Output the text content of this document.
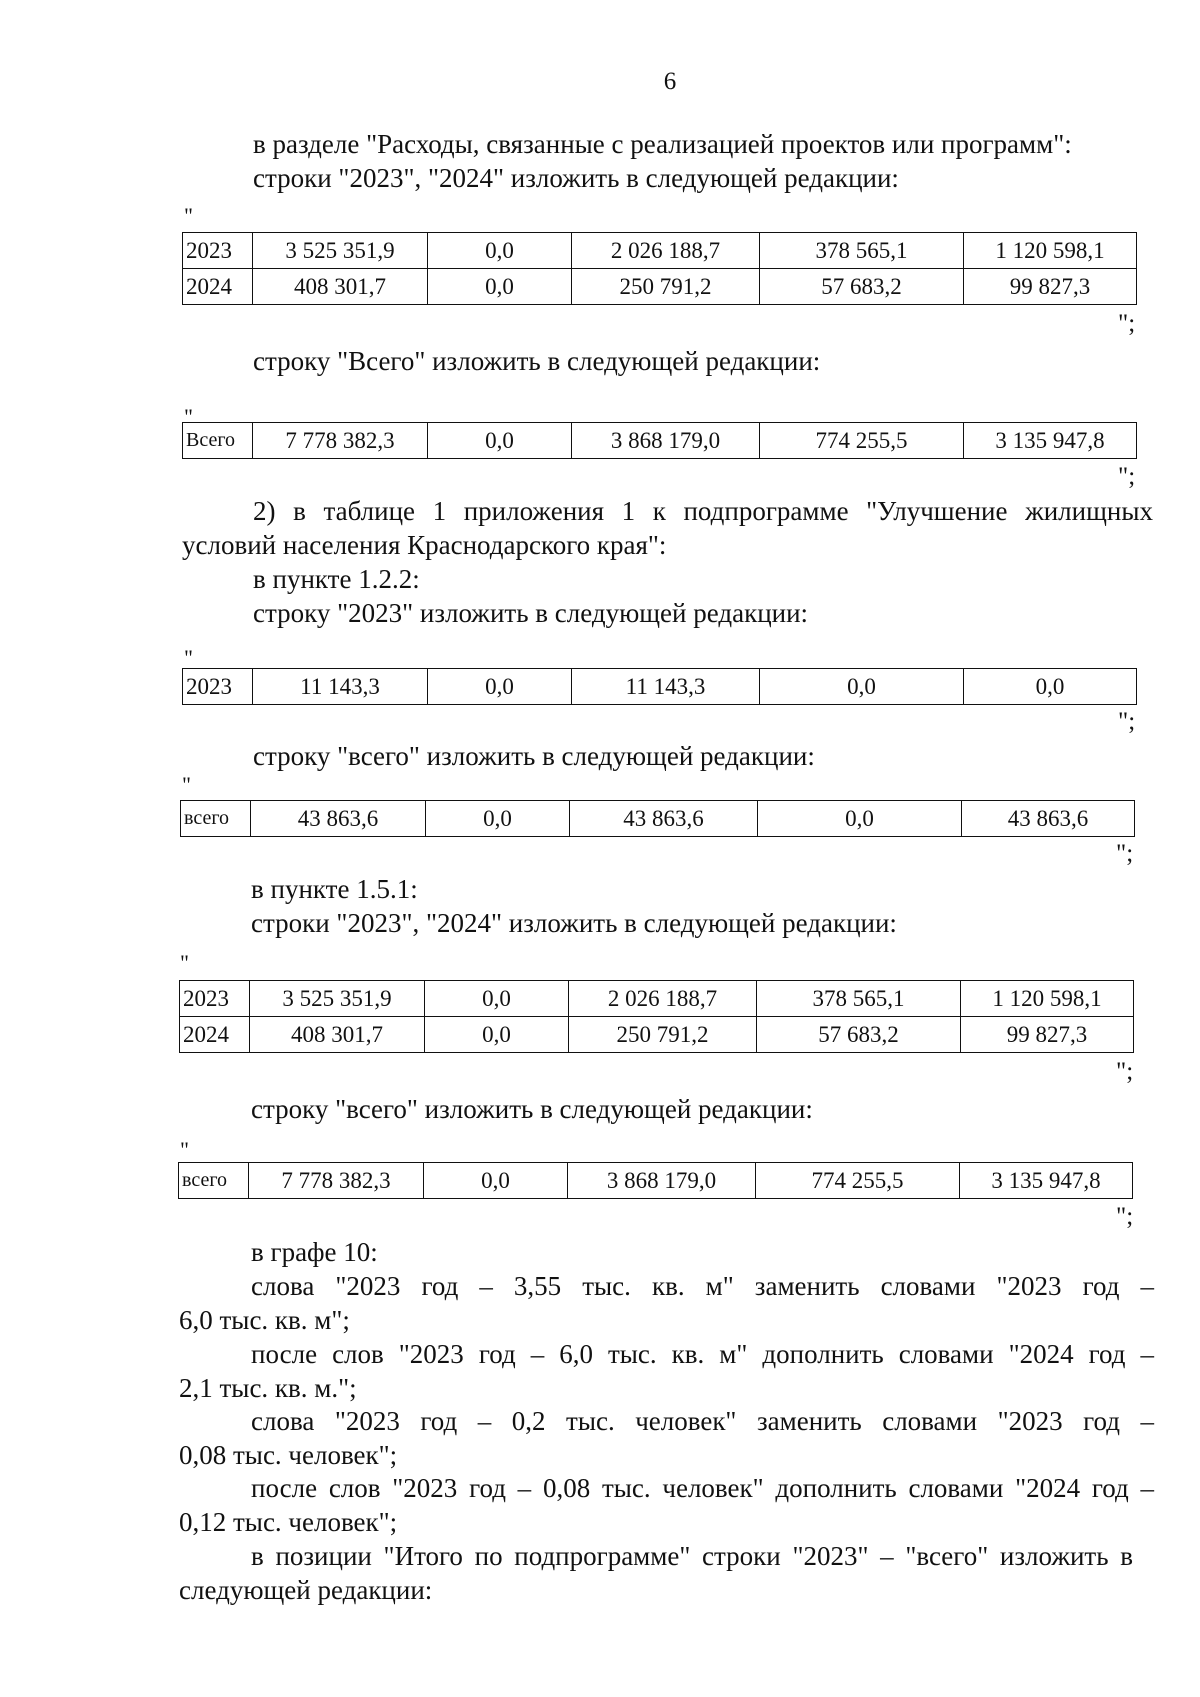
6
в разделе "Расходы, связанные с реализацией проектов или программ":
строки "2023", "2024" изложить в следующей редакции:
"
2023	3 525 351,9	0,0	2 026 188,7	378 565,1	1 120 598,1
2024	408 301,7	0,0	250 791,2	57 683,2	99 827,3
";
строку "Всего" изложить в следующей редакции:
"
Всего	7 778 382,3	0,0	3 868 179,0	774 255,5	3 135 947,8
";
2) в таблице 1 приложения 1 к подпрограмме "Улучшение жилищных
условий населения Краснодарского края":
в пункте 1.2.2:
строку "2023" изложить в следующей редакции:
"
2023	11 143,3	0,0	11 143,3	0,0	0,0
";
строку "всего" изложить в следующей редакции:
"
всего	43 863,6	0,0	43 863,6	0,0	43 863,6
";
в пункте 1.5.1:
строки "2023", "2024" изложить в следующей редакции:
"
2023	3 525 351,9	0,0	2 026 188,7	378 565,1	1 120 598,1
2024	408 301,7	0,0	250 791,2	57 683,2	99 827,3
";
строку "всего" изложить в следующей редакции:
"
всего	7 778 382,3	0,0	3 868 179,0	774 255,5	3 135 947,8
";
в графе 10:
слова "2023 год – 3,55 тыс. кв. м" заменить словами "2023 год –
6,0 тыс. кв. м";
после слов "2023 год – 6,0 тыс. кв. м" дополнить словами "2024 год –
2,1 тыс. кв. м.";
слова "2023 год – 0,2 тыс. человек" заменить словами "2023 год –
0,08 тыс. человек";
после слов "2023 год – 0,08 тыс. человек" дополнить словами "2024 год –
0,12 тыс. человек";
в позиции "Итого по подпрограмме" строки "2023" – "всего" изложить в
следующей редакции:
